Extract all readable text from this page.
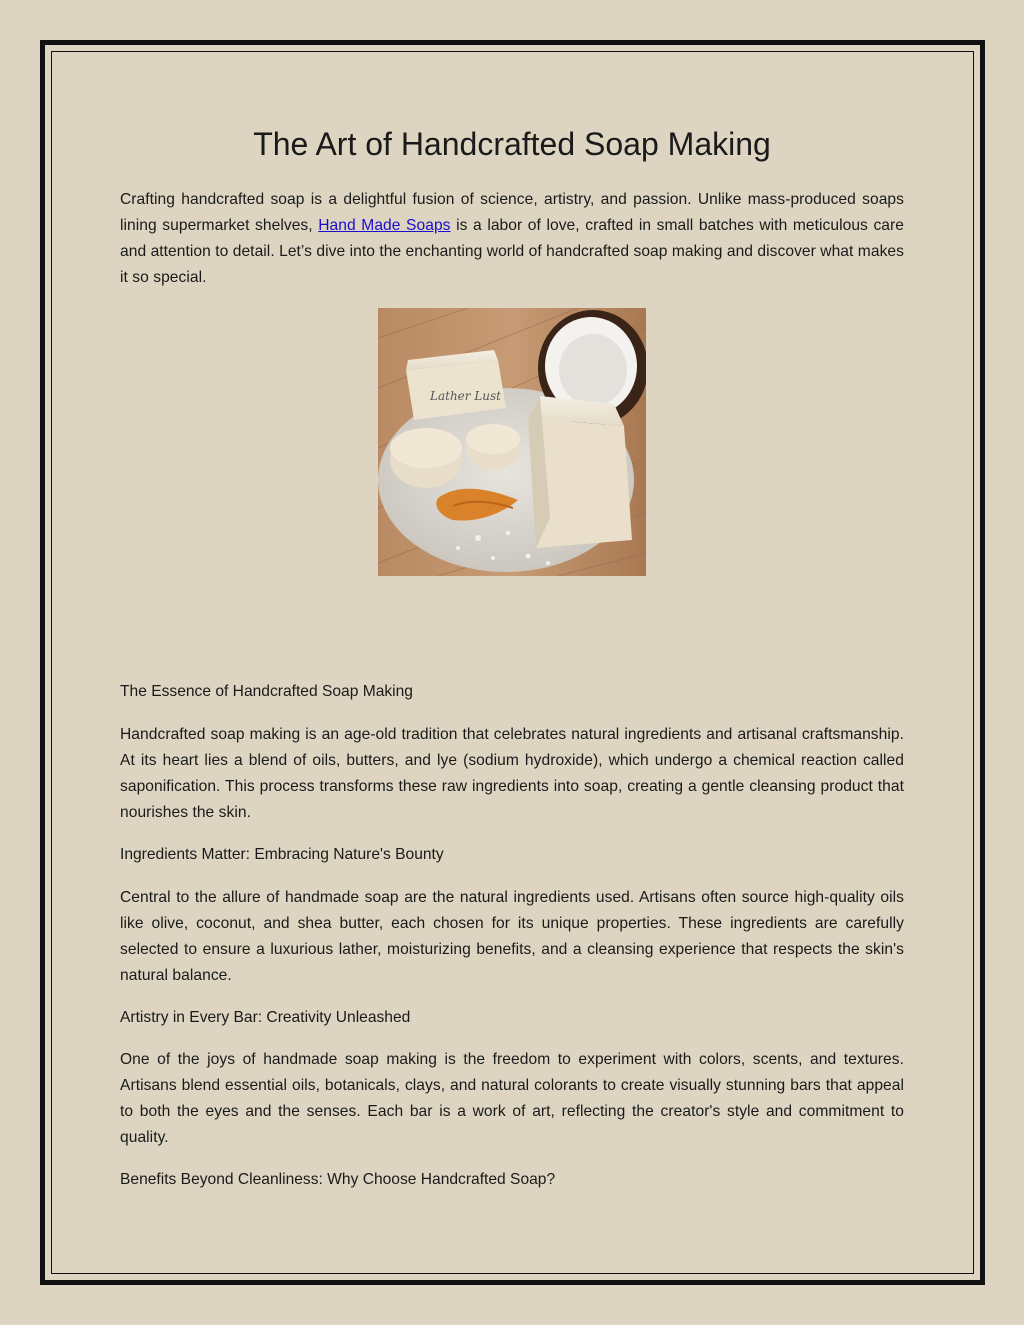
The Art of Handcrafted Soap Making

Crafting handcrafted soap is a delightful fusion of science, artistry, and passion. Unlike mass-produced soaps lining supermarket shelves, Hand Made Soaps is a labor of love, crafted in small batches with meticulous care and attention to detail. Let’s dive into the enchanting world of handcrafted soap making and discover what makes it so special.

The Essence of Handcrafted Soap Making

Handcrafted soap making is an age-old tradition that celebrates natural ingredients and artisanal craftsmanship. At its heart lies a blend of oils, butters, and lye (sodium hydroxide), which undergo a chemical reaction called saponification. This process transforms these raw ingredients into soap, creating a gentle cleansing product that nourishes the skin.

Ingredients Matter: Embracing Nature's Bounty

Central to the allure of handmade soap are the natural ingredients used. Artisans often source high-quality oils like olive, coconut, and shea butter, each chosen for its unique properties. These ingredients are carefully selected to ensure a luxurious lather, moisturizing benefits, and a cleansing experience that respects the skin's natural balance.

Artistry in Every Bar: Creativity Unleashed

One of the joys of handmade soap making is the freedom to experiment with colors, scents, and textures. Artisans blend essential oils, botanicals, clays, and natural colorants to create visually stunning bars that appeal to both the eyes and the senses. Each bar is a work of art, reflecting the creator's style and commitment to quality.

Benefits Beyond Cleanliness: Why Choose Handcrafted Soap?
Lather Lust
